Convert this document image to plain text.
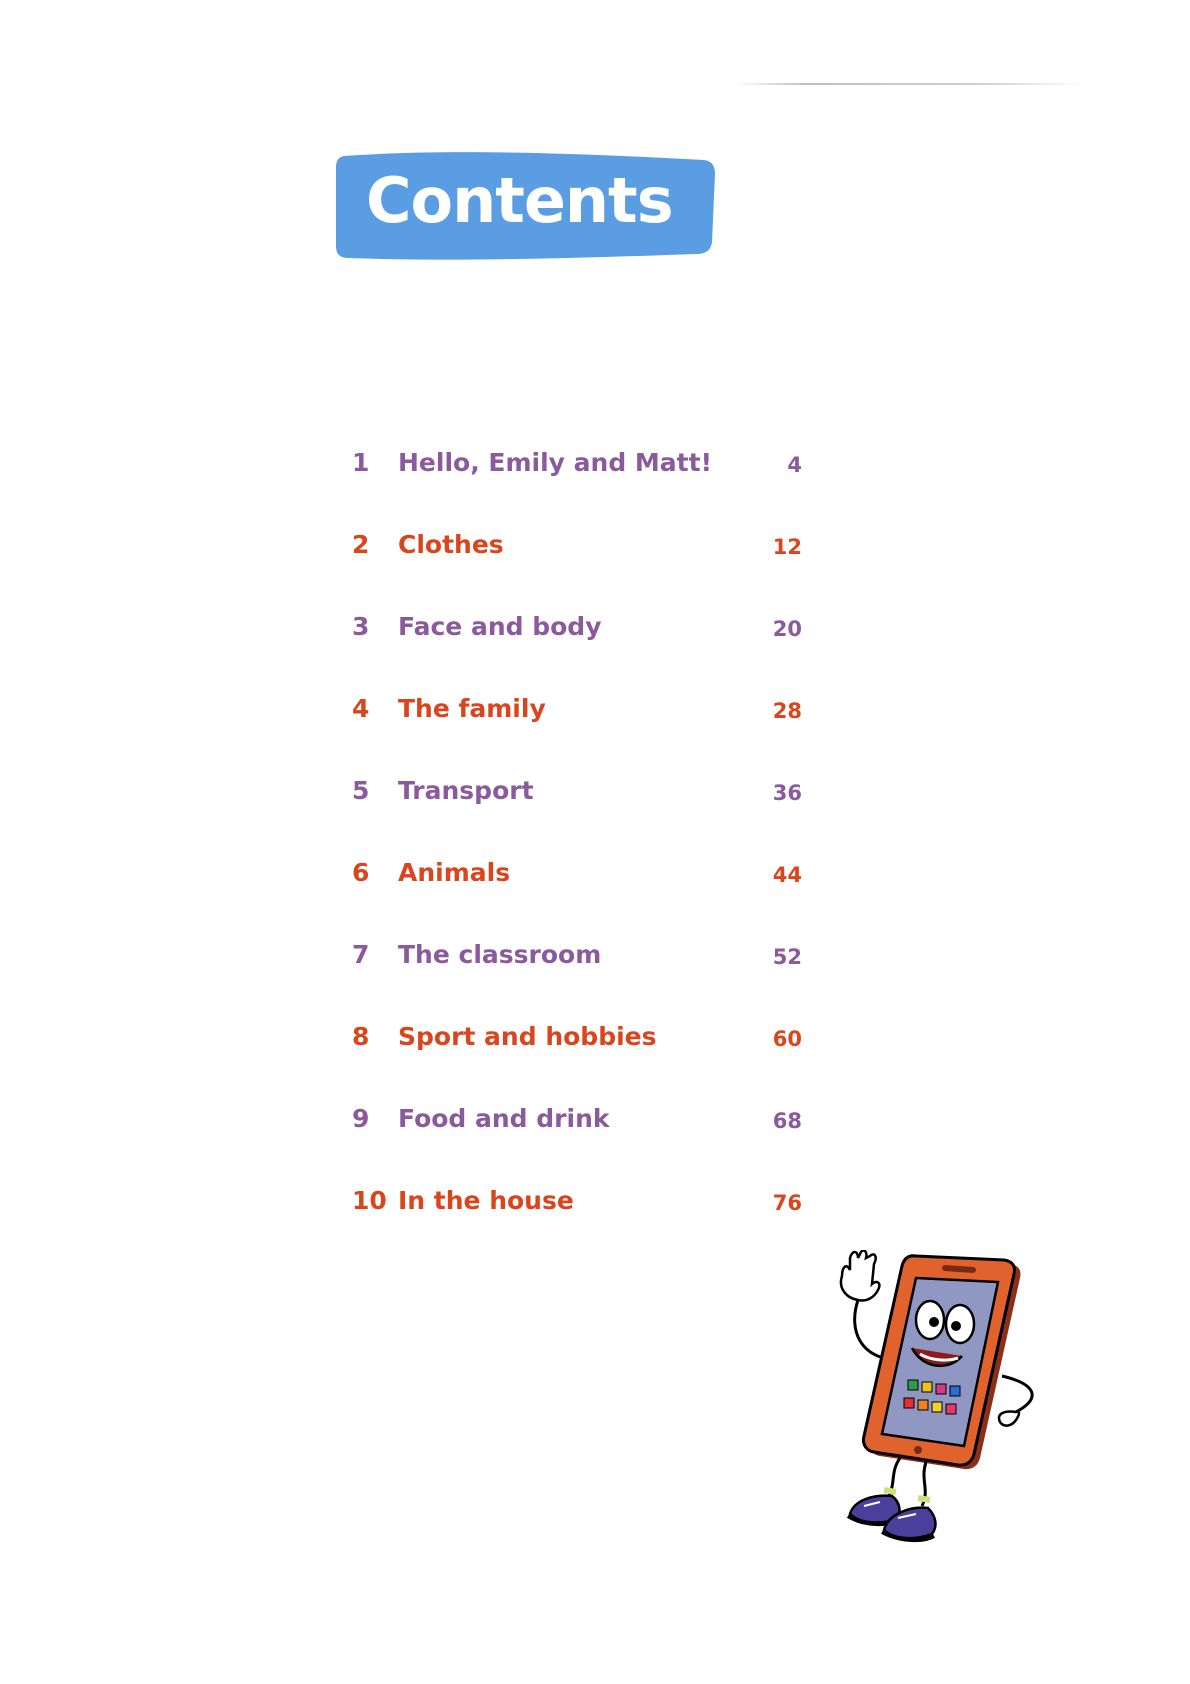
Contents
1 Hello, Emily and Matt!	4
2 Clothes	12
3 Face and body	20
4 The family	28
5 Transport	36
6 Animals	44
7 The classroom	52
8 Sport and hobbies	60
9 Food and drink	68
10 In the house	76
